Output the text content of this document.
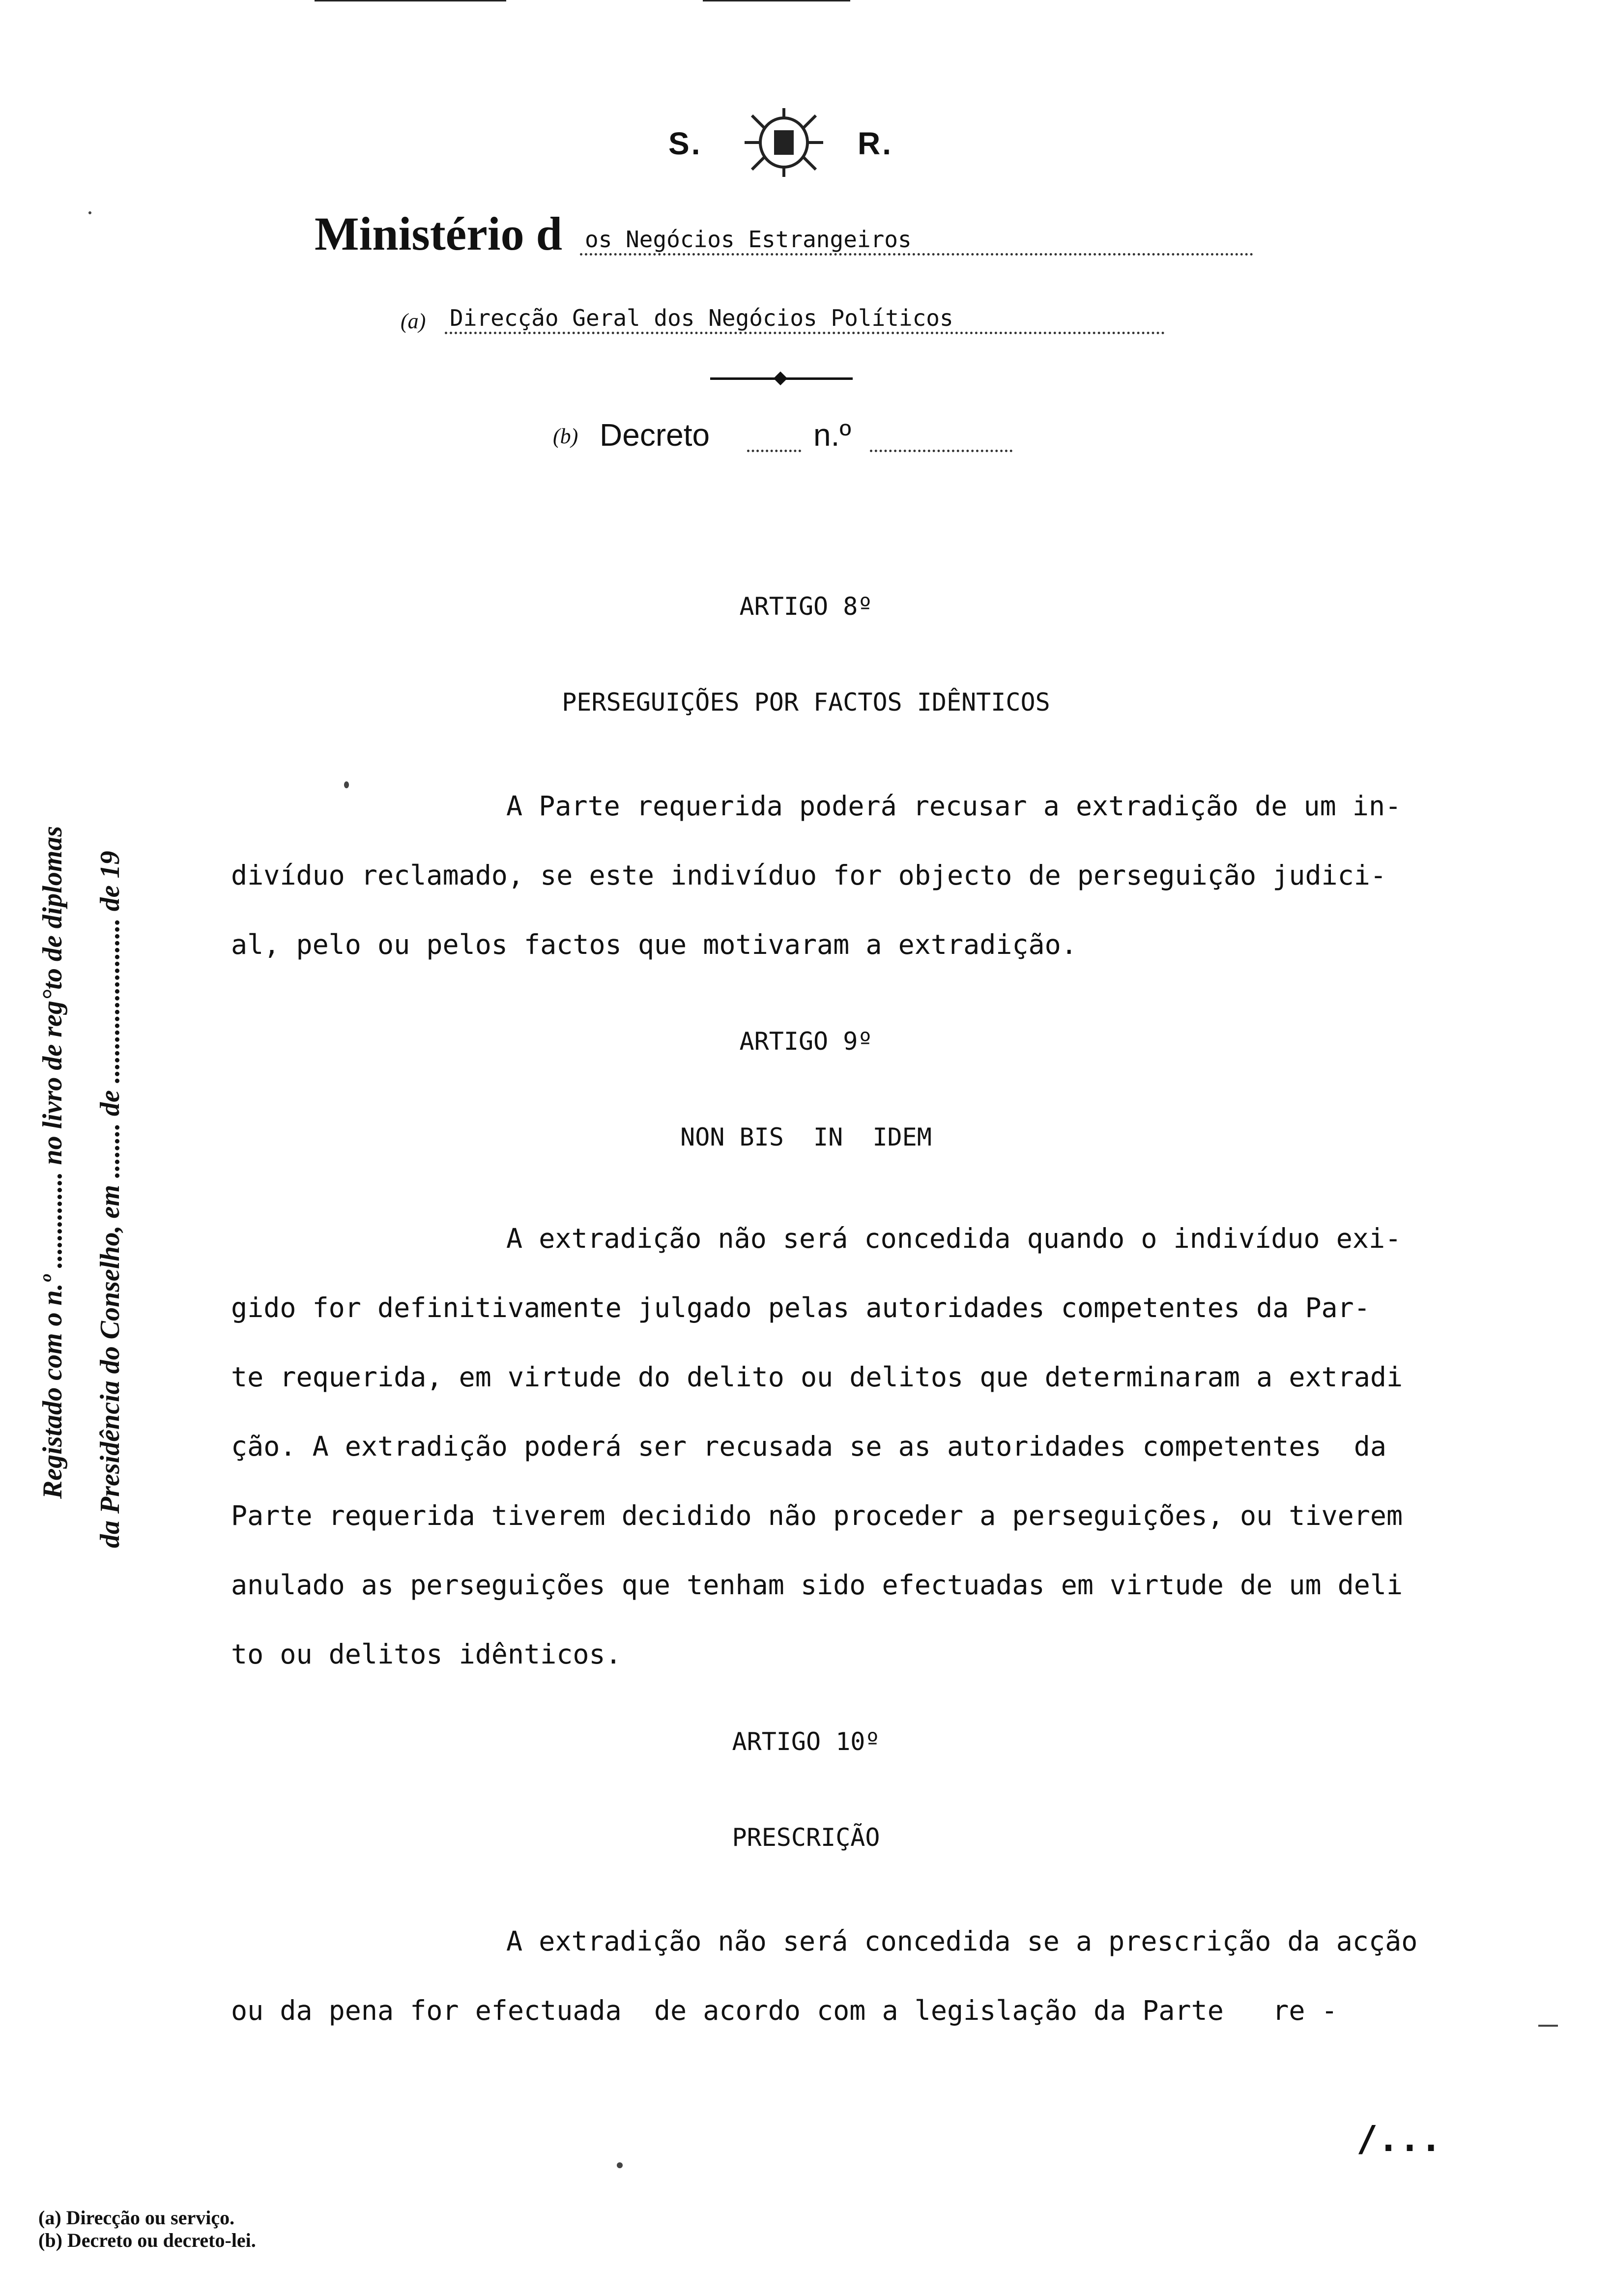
S.	R.
Ministério d os Negócios Estrangeiros
(a) Direcção Geral dos Negócios Políticos
(b) Decreto	n.º
Registado com o n.º .............. no livro de reg°to de diplomas da Presidência do Conselho, em ........ de ........................ de 19
ARTIGO 8º
PERSEGUIÇÕES POR FACTOS IDÊNTICOS

A Parte requerida poderá recusar a extradição de um in-

divíduo reclamado, se este indivíduo for objecto de perseguição judici-

al, pelo ou pelos factos que motivaram a extradição.

ARTIGO 9º
NON BIS  IN  IDEM

A extradição não será concedida quando o indivíduo exi-

gido for definitivamente julgado pelas autoridades competentes da Par-

te requerida, em virtude do delito ou delitos que determinaram a extradi

ção. A extradição poderá ser recusada se as autoridades competentes  da

Parte requerida tiverem decidido não proceder a perseguições, ou tiverem

anulado as perseguições que tenham sido efectuadas em virtude de um deli

to ou delitos idênticos.

ARTIGO 10º
PRESCRIÇÃO

A extradição não será concedida se a prescrição da acção

ou da pena for efectuada  de acordo com a legislação da Parte   re -

/...
(a) Direcção ou serviço.
(b) Decreto ou decreto-lei.
